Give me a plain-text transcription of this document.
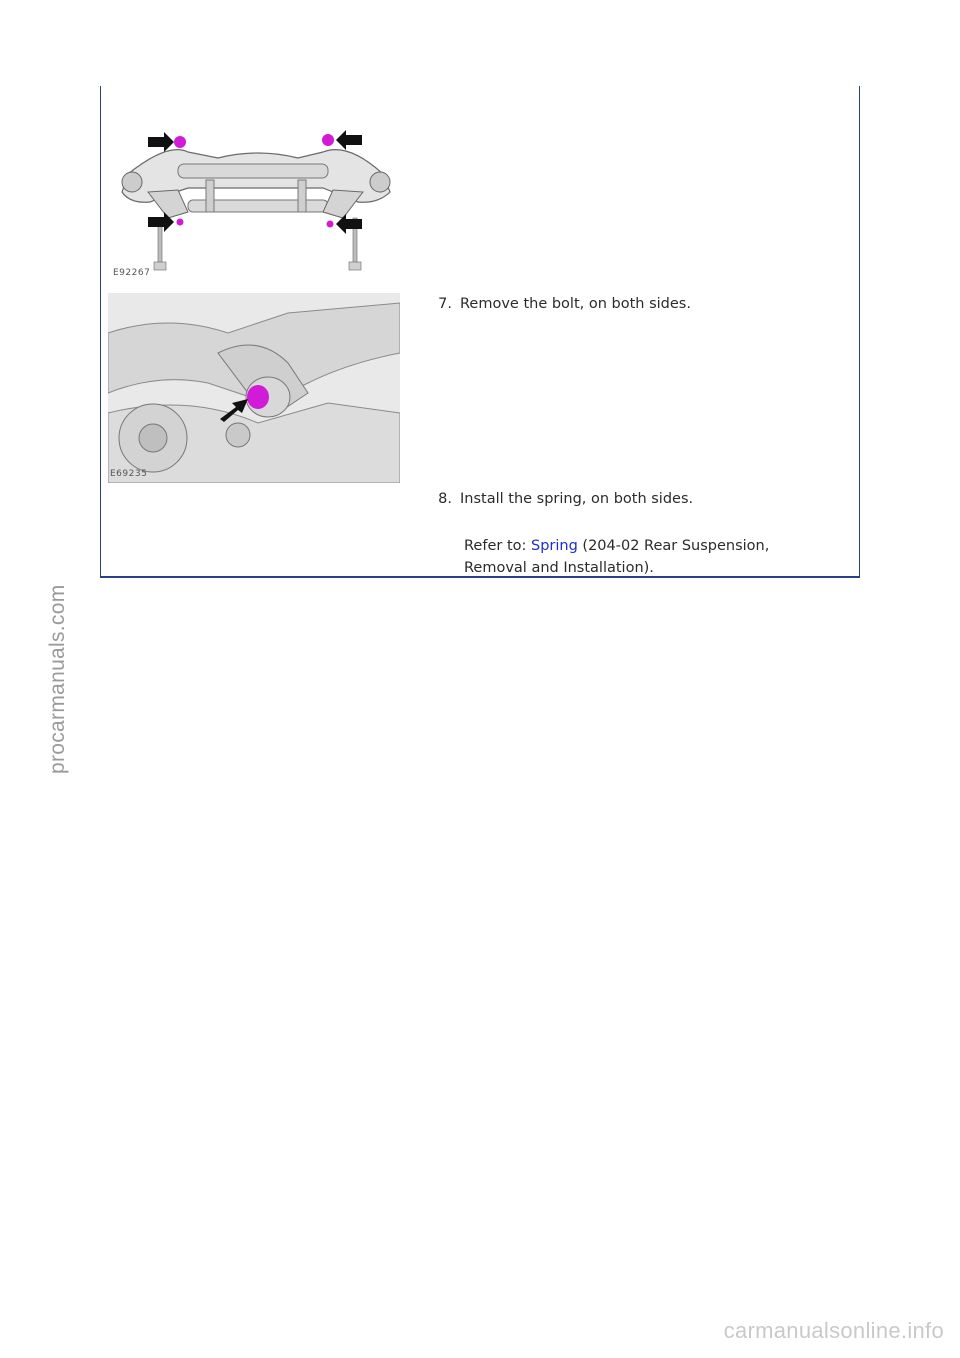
E92267
E69235
7. Remove the bolt, on both sides.
8. Install the spring, on both sides.
Refer to: Spring (204-02 Rear Suspension,
Removal and Installation).
procarmanuals.com
carmanualsonline.info
